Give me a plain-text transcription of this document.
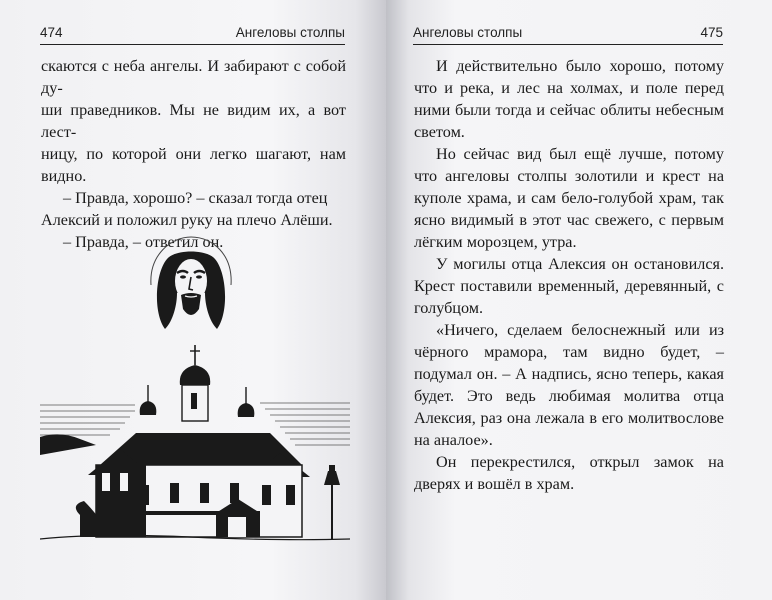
474	Ангеловы столпы

скаются с неба ангелы. И забирают с собой ду-

ши праведников. Мы не видим их, а вот лест-

ницу, по которой они легко шагают, нам видно.

– Правда, хорошо? – сказал тогда отец

Алексий и положил руку на плечо Алёши.

– Правда, – ответил он.

Ангеловы столпы	475

И действительно было хорошо, потому что и река, и лес на холмах, и поле перед ними были тогда и сейчас облиты небесным светом.

Но сейчас вид был ещё лучше, потому что ангеловы столпы золотили и крест на куполе храма, и сам бело-голубой храм, так ясно видимый в этот час свежего, с первым лёгким морозцем, утра.

У могилы отца Алексия он остановился. Крест поставили временный, деревянный, с голубцом.

«Ничего, сделаем белоснежный или из чёрного мрамора, там видно будет, – подумал он. – А надпись, ясно теперь, какая будет. Это ведь любимая молитва отца Алексия, раз она лежала в его молитвослове на аналое».

Он перекрестился, открыл замок на дверях и вошёл в храм.
